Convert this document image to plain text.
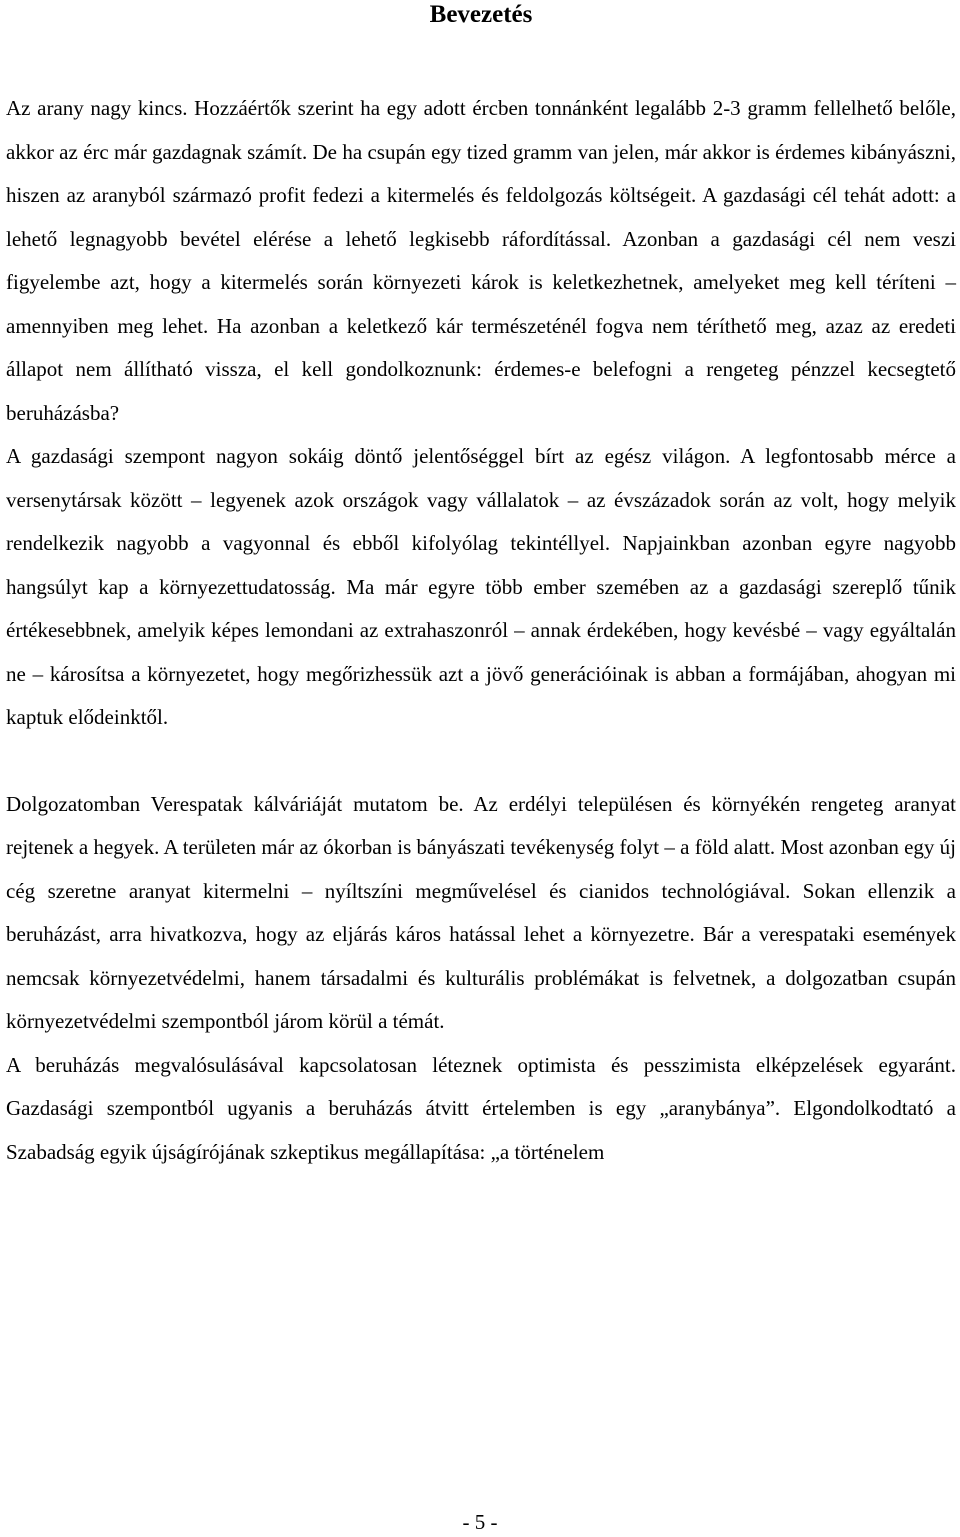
Bevezetés

Az arany nagy kincs. Hozzáértők szerint ha egy adott ércben tonnánként legalább 2-3 gramm fellelhető belőle, akkor az érc már gazdagnak számít. De ha csupán egy tized gramm van jelen, már akkor is érdemes kibányászni, hiszen az aranyból származó profit fedezi a kitermelés és feldolgozás költségeit. A gazdasági cél tehát adott: a lehető legnagyobb bevétel elérése a lehető legkisebb ráfordítással. Azonban a gazdasági cél nem veszi figyelembe azt, hogy a kitermelés során környezeti károk is keletkezhetnek, amelyeket meg kell téríteni – amennyiben meg lehet. Ha azonban a keletkező kár természeténél fogva nem téríthető meg, azaz az eredeti állapot nem állítható vissza, el kell gondolkoznunk: érdemes-e belefogni a rengeteg pénzzel kecsegtető beruházásba?

A gazdasági szempont nagyon sokáig döntő jelentőséggel bírt az egész világon. A legfontosabb mérce a versenytársak között – legyenek azok országok vagy vállalatok – az évszázadok során az volt, hogy melyik rendelkezik nagyobb a vagyonnal és ebből kifolyólag tekintéllyel. Napjainkban azonban egyre nagyobb hangsúlyt kap a környezettudatosság. Ma már egyre több ember szemében az a gazdasági szereplő tűnik értékesebbnek, amelyik képes lemondani az extrahaszonról – annak érdekében, hogy kevésbé – vagy egyáltalán ne – károsítsa a környezetet, hogy megőrizhessük azt a jövő generációinak is abban a formájában, ahogyan mi kaptuk elődeinktől.

Dolgozatomban Verespatak kálváriáját mutatom be. Az erdélyi településen és környékén rengeteg aranyat rejtenek a hegyek. A területen már az ókorban is bányászati tevékenység folyt – a föld alatt. Most azonban egy új cég szeretne aranyat kitermelni – nyíltszíni megművelésel és cianidos technológiával. Sokan ellenzik a beruházást, arra hivatkozva, hogy az eljárás káros hatással lehet a környezetre. Bár a verespataki események nemcsak környezetvédelmi, hanem társadalmi és kulturális problémákat is felvetnek, a dolgozatban csupán környezetvédelmi szempontból járom körül a témát.

A beruházás megvalósulásával kapcsolatosan léteznek optimista és pesszimista elképzelések egyaránt. Gazdasági szempontból ugyanis a beruházás átvitt értelemben is egy „aranybánya”. Elgondolkodtató a Szabadság egyik újságírójának szkeptikus megállapítása: „a történelem

- 5 -
